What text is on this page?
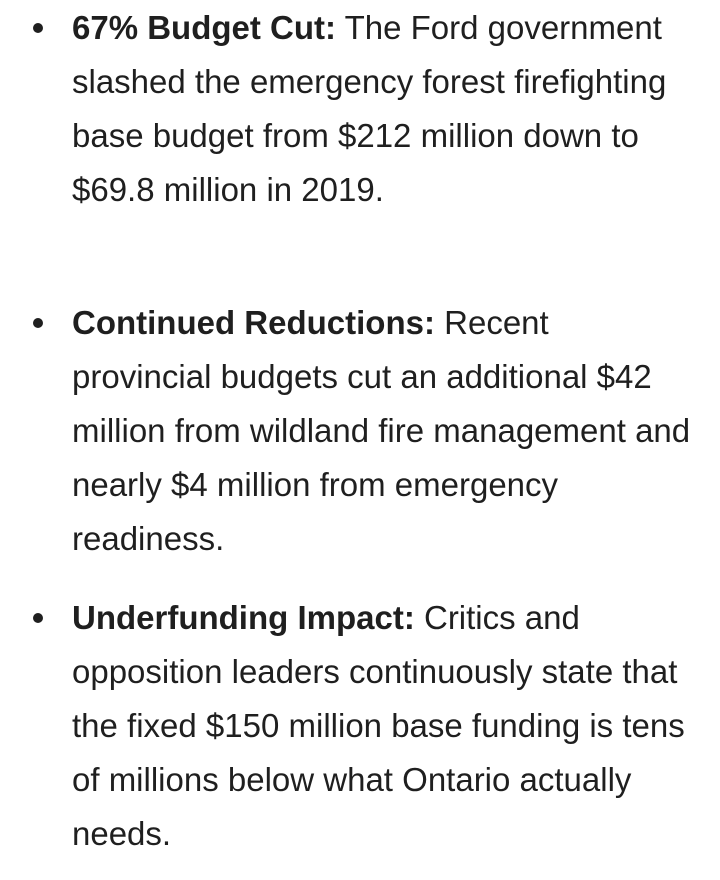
67% Budget Cut: The Ford government slashed the emergency forest firefighting base budget from $212 million down to $69.8 million in 2019.
Continued Reductions: Recent provincial budgets cut an additional $42 million from wildland fire management and nearly $4 million from emergency readiness.
Underfunding Impact: Critics and opposition leaders continuously state that the fixed $150 million base funding is tens of millions below what Ontario actually needs.
